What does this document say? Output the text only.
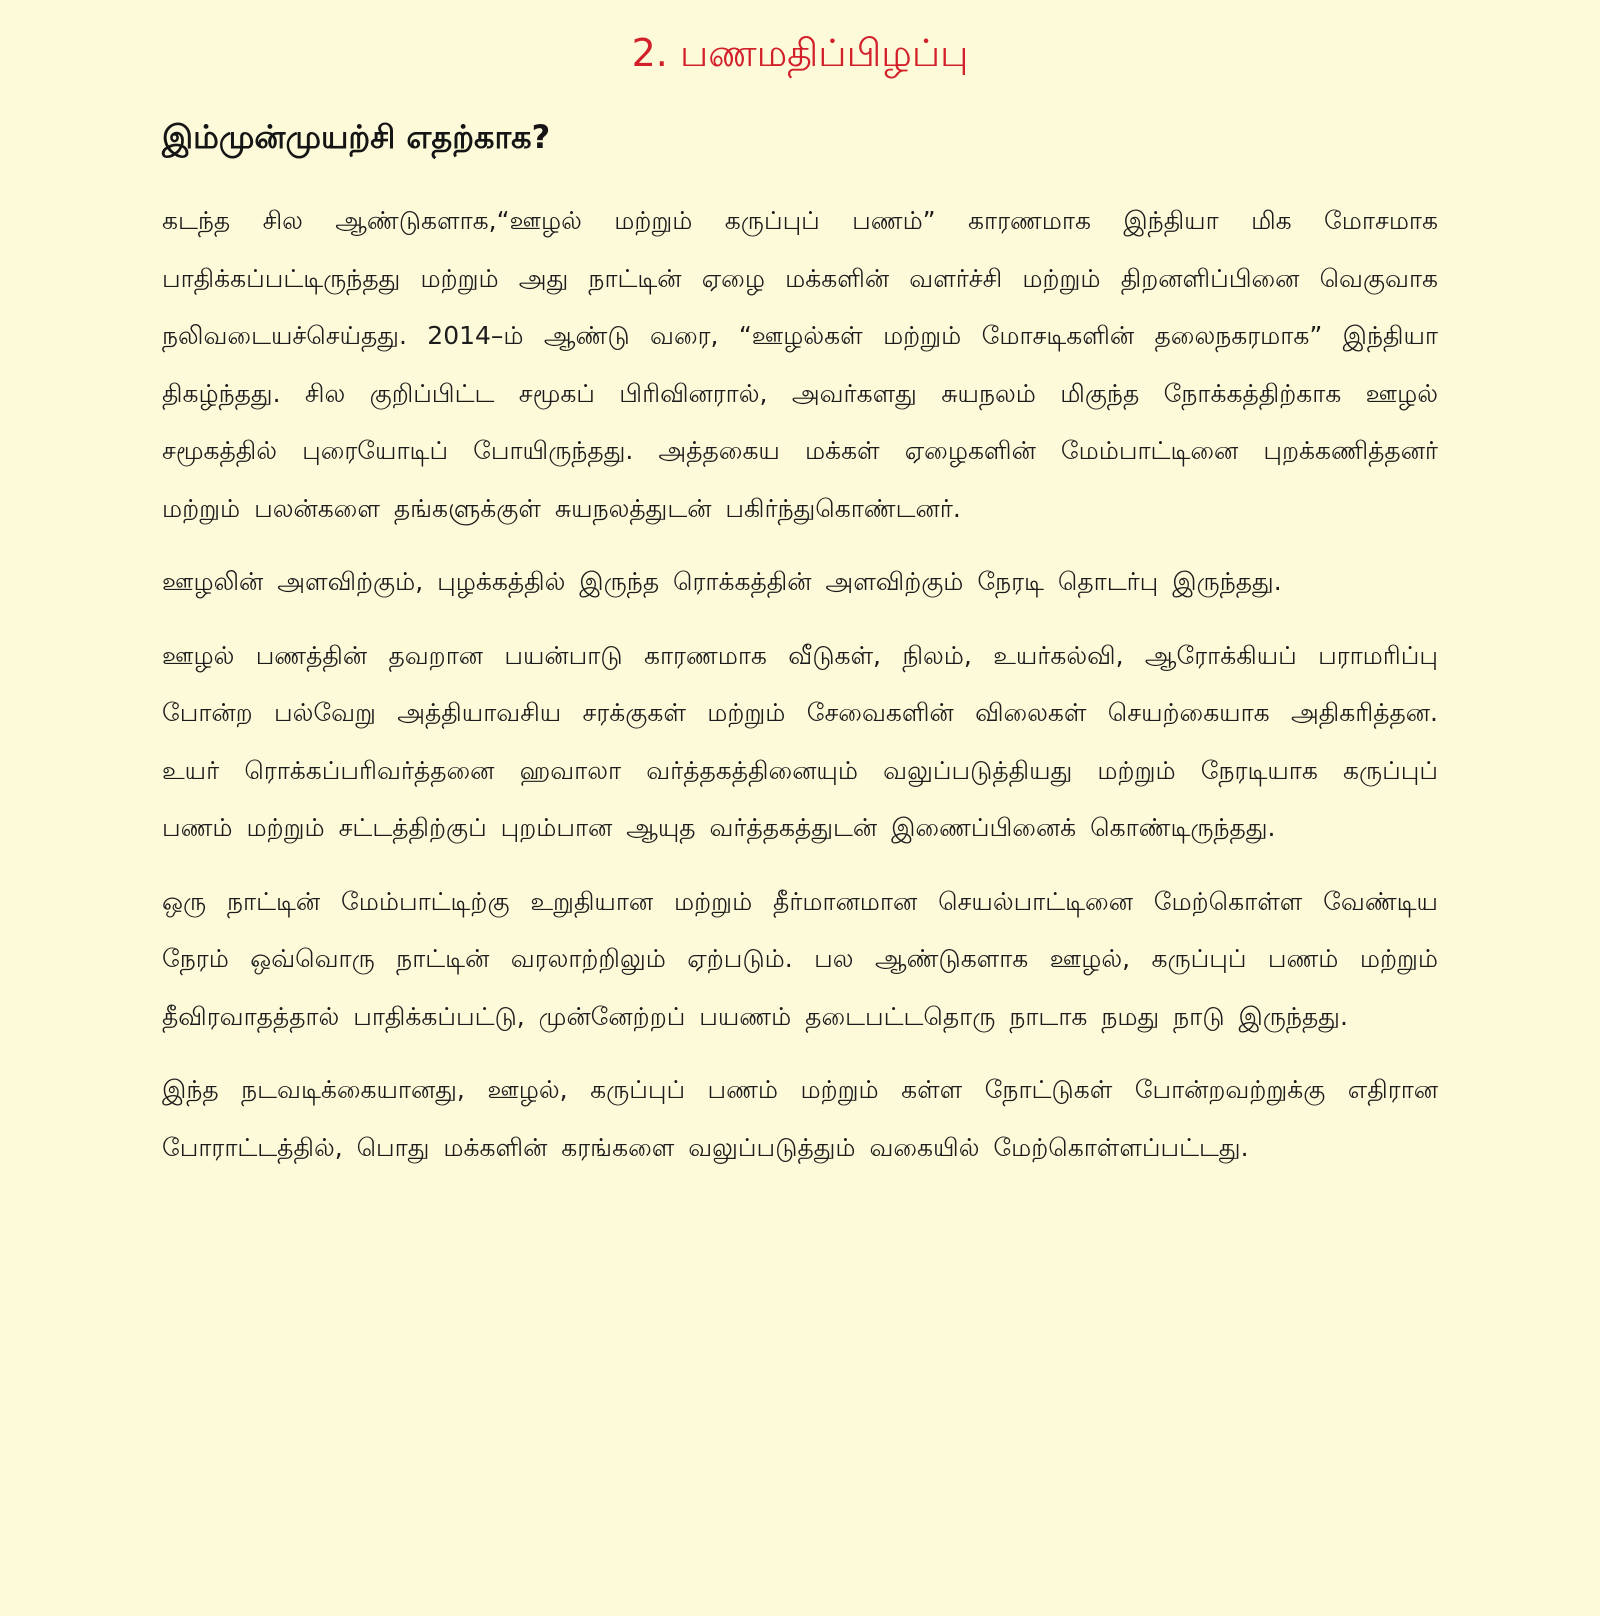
2. பணமதிப்பிழப்பு
இம்முன்முயற்சி எதற்காக?

கடந்த சில ஆண்டுகளாக,“ஊழல் மற்றும் கருப்புப் பணம்” காரணமாக இந்தியா மிக மோசமாக பாதிக்கப்பட்டிருந்தது மற்றும் அது நாட்டின் ஏழை மக்களின் வளர்ச்சி மற்றும் திறனளிப்பினை வெகுவாக நலிவடையச்செய்தது. 2014–ம் ஆண்டு வரை, “ஊழல்கள் மற்றும் மோசடிகளின் தலைநகரமாக” இந்தியா திகழ்ந்தது. சில குறிப்பிட்ட சமூகப் பிரிவினரால், அவர்களது சுயநலம் மிகுந்த நோக்கத்திற்காக ஊழல் சமூகத்தில் புரையோடிப் போயிருந்தது. அத்தகைய மக்கள் ஏழைகளின் மேம்பாட்டினை புறக்கணித்தனர் மற்றும் பலன்களை தங்களுக்குள் சுயநலத்துடன் பகிர்ந்துகொண்டனர்.

ஊழலின் அளவிற்கும், புழக்கத்தில் இருந்த ரொக்கத்தின் அளவிற்கும் நேரடி தொடர்பு இருந்தது.

ஊழல் பணத்தின் தவறான பயன்பாடு காரணமாக வீடுகள், நிலம், உயர்கல்வி, ஆரோக்கியப் பராமரிப்பு போன்ற பல்வேறு அத்தியாவசிய சரக்குகள் மற்றும் சேவைகளின் விலைகள் செயற்கையாக அதிகரித்தன. உயர் ரொக்கப்பரிவர்த்தனை ஹவாலா வர்த்தகத்தினையும் வலுப்படுத்தியது மற்றும் நேரடியாக கருப்புப் பணம் மற்றும் சட்டத்திற்குப் புறம்பான ஆயுத வர்த்தகத்துடன் இணைப்பினைக் கொண்டிருந்தது.

ஒரு நாட்டின் மேம்பாட்டிற்கு உறுதியான மற்றும் தீர்மானமான செயல்பாட்டினை மேற்கொள்ள வேண்டிய நேரம் ஒவ்வொரு நாட்டின் வரலாற்றிலும் ஏற்படும். பல ஆண்டுகளாக ஊழல், கருப்புப் பணம் மற்றும் தீவிரவாதத்தால் பாதிக்கப்பட்டு, முன்னேற்றப் பயணம் தடைபட்டதொரு நாடாக நமது நாடு இருந்தது.

இந்த நடவடிக்கையானது, ஊழல், கருப்புப் பணம் மற்றும் கள்ள நோட்டுகள் போன்றவற்றுக்கு எதிரான போராட்டத்தில், பொது மக்களின் கரங்களை வலுப்படுத்தும் வகையில் மேற்கொள்ளப்பட்டது.
